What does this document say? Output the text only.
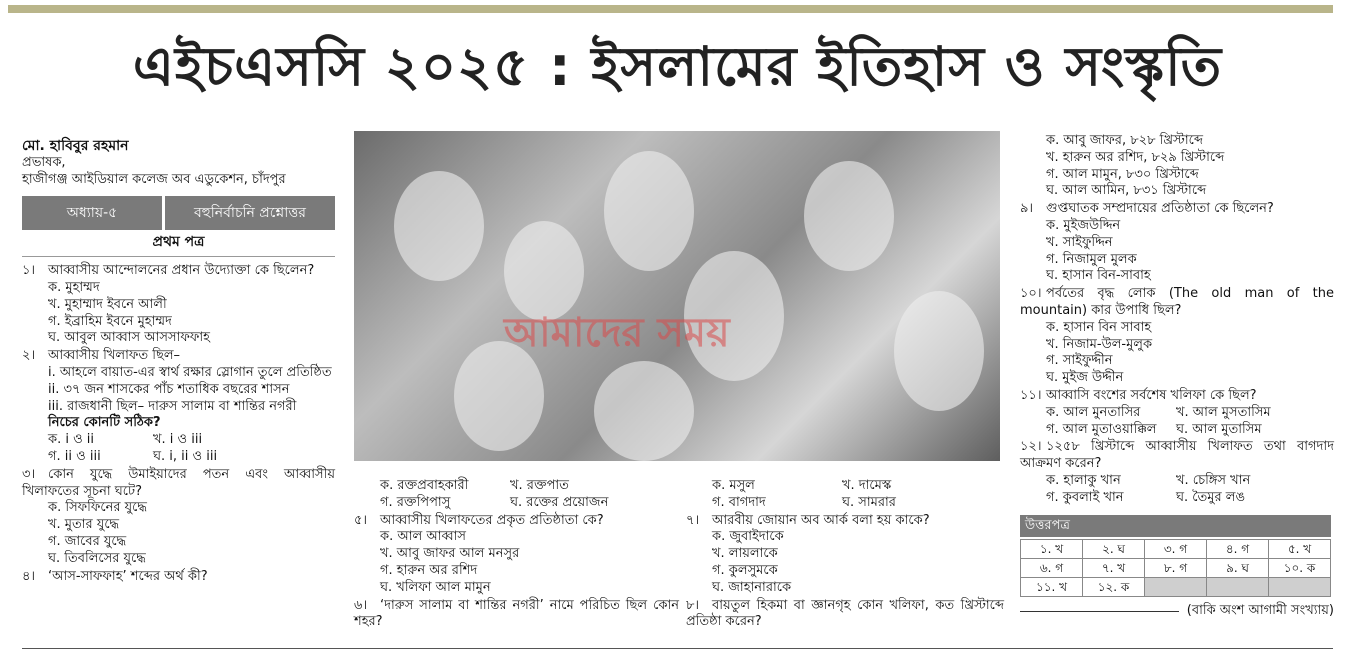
এইচএসসি ২০২৫ : ইসলামের ইতিহাস ও সংস্কৃতি
মো. হাবিবুর রহমান
প্রভাষক,
হাজীগঞ্জ আইডিয়াল কলেজ অব এডুকেশন, চাঁদপুর
অধ্যায়-৫	বহুনির্বাচনি প্রশ্নোত্তর
প্রথম পত্র
১। আব্বাসীয় আন্দোলনের প্রধান উদ্যোক্তা কে ছিলেন?
ক. মুহাম্মদ
খ. মুহাম্মাদ ইবনে আলী
গ. ইব্রাহিম ইবনে মুহাম্মদ
ঘ. আবুল আব্বাস আসসাফফাহ
২। আব্বাসীয় খিলাফত ছিল–
i. আহলে বায়াত-এর স্বার্থ রক্ষার স্লোগান তুলে প্রতিষ্ঠিত
ii. ৩৭ জন শাসকের পাঁচ শতাধিক বছরের শাসন
iii. রাজধানী ছিল– দারুস সালাম বা শান্তির নগরী
নিচের কোনটি সঠিক?
ক. i ও ii	খ. i ও iii
গ. ii ও iii	ঘ. i, ii ও iii
৩। কোন যুদ্ধে উমাইয়াদের পতন এবং আব্বাসীয় খিলাফতের সূচনা ঘটে?
ক. সিফফিনের যুদ্ধে
খ. মুতার যুদ্ধে
গ. জাবের যুদ্ধে
ঘ. তিবলিসের যুদ্ধে
৪। ‘আস-সাফফাহ’ শব্দের অর্থ কী?
আমাদের সময়
ক. রক্তপ্রবাহকারী	খ. রক্তপাত
গ. রক্তপিপাসু	ঘ. রক্তের প্রয়োজন
৫। আব্বাসীয় খিলাফতের প্রকৃত প্রতিষ্ঠাতা কে?
ক. আল আব্বাস
খ. আবু জাফর আল মনসুর
গ. হারুন অর রশিদ
ঘ. খলিফা আল মামুন
৬। ‘দারুস সালাম বা শান্তির নগরী’ নামে পরিচিত ছিল কোন শহর?
ক. মসুল	খ. দামেস্ক
গ. বাগদাদ	ঘ. সামরার
৭। আরবীয় জোয়ান অব আর্ক বলা হয় কাকে?
ক. জুবাইদাকে
খ. লায়লাকে
গ. কুলসুমকে
ঘ. জাহানারাকে
৮। বায়তুল হিকমা বা জ্ঞানগৃহ কোন খলিফা, কত খ্রিস্টাব্দে প্রতিষ্ঠা করেন?
ক. আবু জাফর, ৮২৮ খ্রিস্টাব্দে
খ. হারুন অর রশিদ, ৮২৯ খ্রিস্টাব্দে
গ. আল মামুন, ৮৩০ খ্রিস্টাব্দে
ঘ. আল আমিন, ৮৩১ খ্রিস্টাব্দে
৯। গুপ্তঘাতক সম্প্রদায়ের প্রতিষ্ঠাতা কে ছিলেন?
ক. মুইজউদ্দিন
খ. সাইফুদ্দিন
গ. নিজামুল মুলক
ঘ. হাসান বিন-সাবাহ
১০। পর্বতের বৃদ্ধ লোক (The old man of the mountain) কার উপাধি ছিল?
ক. হাসান বিন সাবাহ
খ. নিজাম-উল-মুলুক
গ. সাইফুদ্দীন
ঘ. মুইজ উদ্দীন
১১। আব্বাসি বংশের সর্বশেষ খলিফা কে ছিল?
ক. আল মুনতাসির	খ. আল মুসতাসিম
গ. আল মুতাওয়াক্কিল	ঘ. আল মুতাসিম
১২। ১২৫৮ খ্রিস্টাব্দে আব্বাসীয় খিলাফত তথা বাগদাদ আক্রমণ করেন?
ক. হালাকু খান	খ. চেঙ্গিস খান
গ. কুবলাই খান	ঘ. তৈমুর লঙ
উত্তরপত্র
১. খ	২. ঘ	৩. গ	৪. গ	৫. খ
৬. গ	৭. খ	৮. গ	৯. ঘ	১০. ক
১১. খ	১২. ক			
(বাকি অংশ আগামী সংখ্যায়)
